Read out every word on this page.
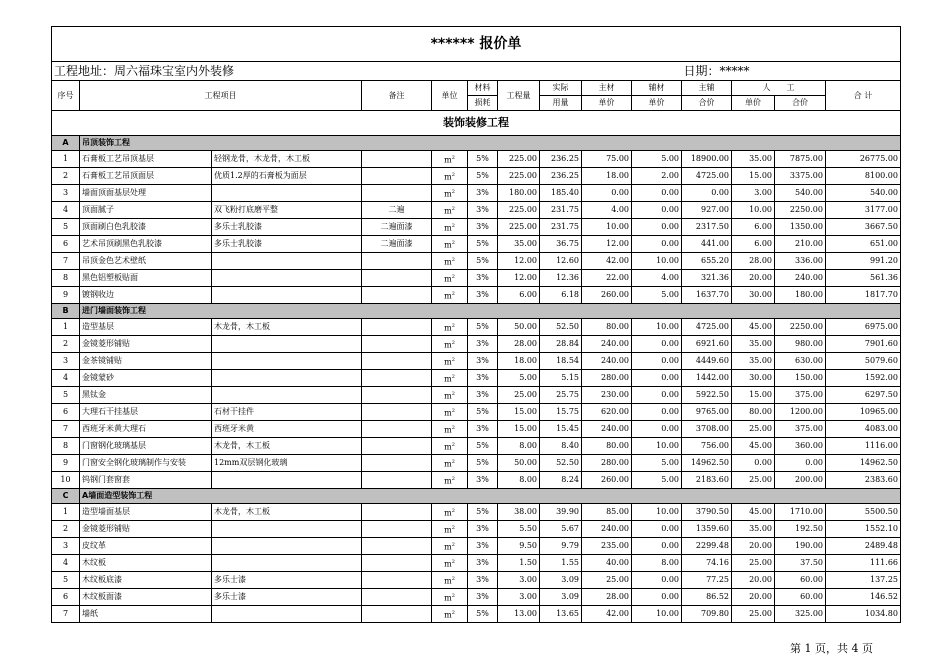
****** 报价单													
工程地址：周六福珠宝室内外装修										日期：*****			
序号	工程项目		备注	单位	材料	工程量	实际	主材	辅材	主辅	人　　工		合 计
					损耗		用量	单价	单价	合价	单价	合价	
装饰装修工程													
A	吊顶装饰工程												
1	石膏板工艺吊顶基层	轻钢龙骨，木龙骨，木工板		$m^2$	5%	225.00	236.25	75.00	5.00	18900.00	35.00	7875.00	26775.00
2	石膏板工艺吊顶面层	优质1.2厚的石膏板为面层		$m^2$	5%	225.00	236.25	18.00	2.00	4725.00	15.00	3375.00	8100.00
3	墙面顶面基层处理			$m^2$	3%	180.00	185.40	0.00	0.00	0.00	3.00	540.00	540.00
4	顶面腻子	双飞粉打底磨平整	二遍	$m^2$	3%	225.00	231.75	4.00	0.00	927.00	10.00	2250.00	3177.00
5	顶面刷白色乳胶漆	多乐士乳胶漆	二遍面漆	$m^2$	3%	225.00	231.75	10.00	0.00	2317.50	6.00	1350.00	3667.50
6	艺术吊顶刷黑色乳胶漆	多乐士乳胶漆	二遍面漆	$m^2$	5%	35.00	36.75	12.00	0.00	441.00	6.00	210.00	651.00
7	吊顶金色艺术壁纸			$m^2$	5%	12.00	12.60	42.00	10.00	655.20	28.00	336.00	991.20
8	黑色铝塑板贴面			$m^2$	3%	12.00	12.36	22.00	4.00	321.36	20.00	240.00	561.36
9	镀钢收边			$m^2$	3%	6.00	6.18	260.00	5.00	1637.70	30.00	180.00	1817.70
B	进门墙面装饰工程												
1	造型基层	木龙骨，木工板		$m^2$	5%	50.00	52.50	80.00	10.00	4725.00	45.00	2250.00	6975.00
2	金镜菱形铺贴			$m^2$	3%	28.00	28.84	240.00	0.00	6921.60	35.00	980.00	7901.60
3	金茶镜铺贴			$m^2$	3%	18.00	18.54	240.00	0.00	4449.60	35.00	630.00	5079.60
4	金镜蒙砂			$m^2$	3%	5.00	5.15	280.00	0.00	1442.00	30.00	150.00	1592.00
5	黑钛金			$m^2$	3%	25.00	25.75	230.00	0.00	5922.50	15.00	375.00	6297.50
6	大理石干挂基层	石材干挂件		$m^2$	5%	15.00	15.75	620.00	0.00	9765.00	80.00	1200.00	10965.00
7	西班牙米黄大理石	西班牙米黄		$m^2$	3%	15.00	15.45	240.00	0.00	3708.00	25.00	375.00	4083.00
8	门窗钢化玻璃基层	木龙骨，木工板		$m^2$	5%	8.00	8.40	80.00	10.00	756.00	45.00	360.00	1116.00
9	门窗安全钢化玻璃制作与安装	12mm双层钢化玻璃		$m^2$	5%	50.00	52.50	280.00	5.00	14962.50	0.00	0.00	14962.50
10	钨钢门套窗套			$m^2$	3%	8.00	8.24	260.00	5.00	2183.60	25.00	200.00	2383.60
C	A墙面造型装饰工程												
1	造型墙面基层	木龙骨，木工板		$m^2$	5%	38.00	39.90	85.00	10.00	3790.50	45.00	1710.00	5500.50
2	金镜菱形铺贴			$m^2$	3%	5.50	5.67	240.00	0.00	1359.60	35.00	192.50	1552.10
3	皮纹革			$m^2$	3%	9.50	9.79	235.00	0.00	2299.48	20.00	190.00	2489.48
4	木纹板			$m^2$	3%	1.50	1.55	40.00	8.00	74.16	25.00	37.50	111.66
5	木纹板底漆	多乐士漆		$m^2$	3%	3.00	3.09	25.00	0.00	77.25	20.00	60.00	137.25
6	木纹板面漆	多乐士漆		$m^2$	3%	3.00	3.09	28.00	0.00	86.52	20.00	60.00	146.52
7	墙纸			$m^2$	5%	13.00	13.65	42.00	10.00	709.80	25.00	325.00	1034.80
第 1 页，共 4 页
